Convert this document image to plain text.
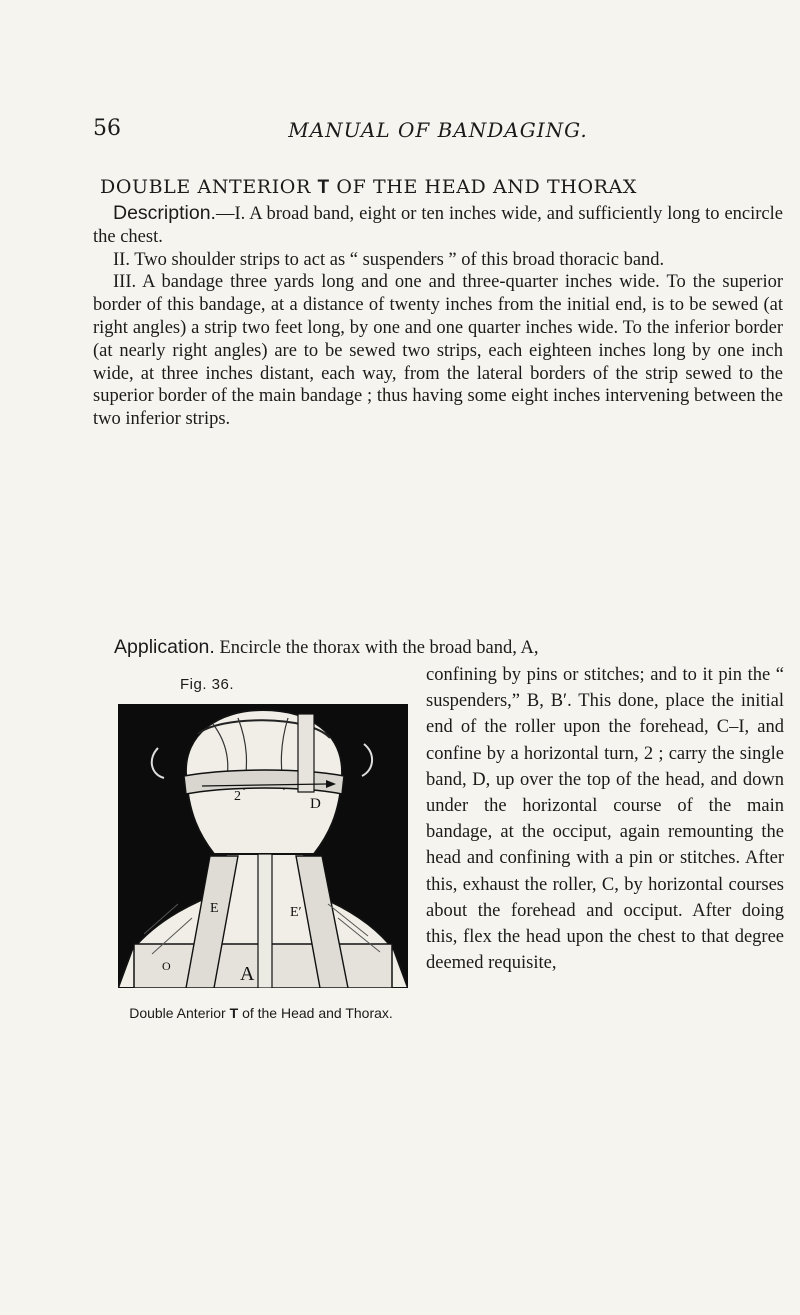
56	MANUAL OF BANDAGING.
DOUBLE ANTERIOR T OF THE HEAD AND THORAX

Description.—I. A broad band, eight or ten inches wide, and sufficiently long to encircle the chest.

II. Two shoulder strips to act as “ suspenders ” of this broad thoracic band.

III. A bandage three yards long and one and three-quarter inches wide. To the superior border of this bandage, at a distance of twenty inches from the initial end, is to be sewed (at right angles) a strip two feet long, by one and one quarter inches wide. To the inferior border (at nearly right angles) are to be sewed two strips, each eighteen inches long by one inch wide, at three inches distant, each way, from the lateral borders of the strip sewed to the superior border of the main bandage ; thus having some eight inches intervening between the two inferior strips.

Application. Encircle the thorax with the broad band, A,

confining by pins or stitches; and to it pin the “ suspenders,” B, B′. This done, place the initial end of the roller upon the forehead, C–I, and confine by a horizontal turn, 2 ; carry the single band, D, up over the top of the head, and down under the horizontal course of the main bandage, at the occiput, again remounting the head and confining with a pin or stitches. After this, exhaust the roller, C, by horizontal courses about the forehead and occiput. After doing this, flex the head upon the chest to that degree deemed requisite,

Fig. 36.
D
2
E	E′
A
O
Double Anterior T of the Head and Thorax.
